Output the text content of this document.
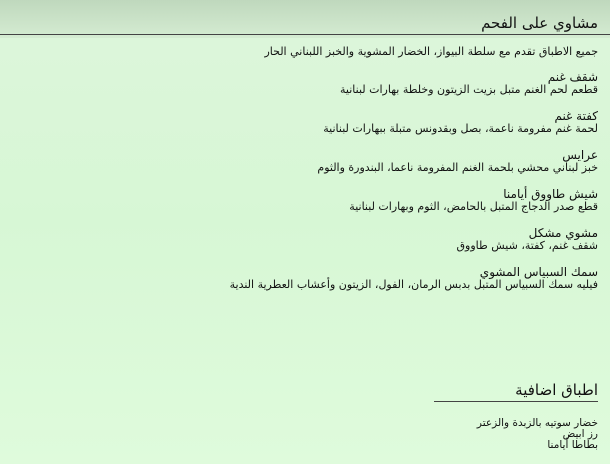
مشاوي على الفحم
جميع الاطباق تقدم مع سلطة البيواز، الخضار المشوية والخبز اللبناني الحار
شقف غنم
قطعم لحم الغنم متبل بزيت الزيتون وخلطة بهارات لبنانية
كفتة غنم
لحمة غنم مفرومة ناعمة، بصل وبقدونس متبلة ببهارات لبنانية
عرايس
خبز لبناني محشي بلحمة الغنم المفرومة ناعما، البندورة والثوم
شيش طاووق أيامنا
قطع صدر الدجاج المتبل بالحامض، الثوم وبهارات لبنانية
مشوي مشكل
شقف غنم، كفتة، شيش طاووق
سمك السبياس المشوي
فيليه سمك السبياس المتبل بدبس الرمان، الفول، الزيتون وأعشاب العطرية الندية
اطباق اضافية
خضار سوتيه بالزبدة والزعتر
رز ابيض
بطاطا أيامنا
